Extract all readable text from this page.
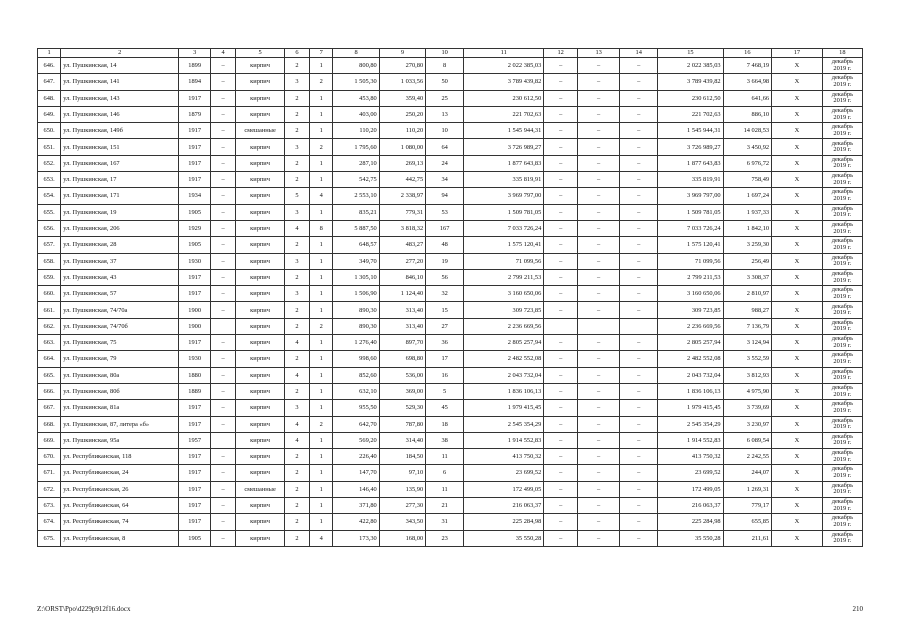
1	2	3	4	5	6	7	8	9	10	11	12	13	14	15	16	17	18
646.	ул. Пушкинская, 14	1899	–	кирпич	2	1	800,80	270,80	8	2 022 385,03	–	–	–	2 022 385,03	7 468,19	Х	декабрь 2019 г.
647.	ул. Пушкинская, 141	1894	–	кирпич	3	2	1 505,30	1 033,56	50	3 789 439,82	–	–	–	3 789 439,82	3 664,98	Х	декабрь 2019 г.
648.	ул. Пушкинская, 143	1917	–	кирпич	2	1	453,80	359,40	25	230 612,50	–	–	–	230 612,50	641,66	Х	декабрь 2019 г.
649.	ул. Пушкинская, 146	1879	–	кирпич	2	1	403,00	250,20	13	221 702,63	–	–	–	221 702,63	886,10	Х	декабрь 2019 г.
650.	ул. Пушкинская, 149б	1917	–	смешанные	2	1	110,20	110,20	10	1 545 944,31	–	–	–	1 545 944,31	14 028,53	Х	декабрь 2019 г.
651.	ул. Пушкинская, 151	1917	–	кирпич	3	2	1 795,60	1 080,00	64	3 726 989,27	–	–	–	3 726 989,27	3 450,92	Х	декабрь 2019 г.
652.	ул. Пушкинская, 167	1917	–	кирпич	2	1	287,10	269,13	24	1 877 643,83	–	–	–	1 877 643,83	6 976,72	Х	декабрь 2019 г.
653.	ул. Пушкинская, 17	1917	–	кирпич	2	1	542,75	442,75	34	335 819,91	–	–	–	335 819,91	758,49	Х	декабрь 2019 г.
654.	ул. Пушкинская, 171	1934	–	кирпич	5	4	2 553,10	2 338,97	94	3 969 797,00	–	–	–	3 969 797,00	1 697,24	Х	декабрь 2019 г.
655.	ул. Пушкинская, 19	1905	–	кирпич	3	1	835,21	779,31	53	1 509 781,05	–	–	–	1 509 781,05	1 937,33	Х	декабрь 2019 г.
656.	ул. Пушкинская, 206	1929	–	кирпич	4	8	5 887,50	3 818,32	167	7 033 726,24	–	–	–	7 033 726,24	1 842,10	Х	декабрь 2019 г.
657.	ул. Пушкинская, 28	1905	–	кирпич	2	1	648,57	483,27	48	1 575 120,41	–	–	–	1 575 120,41	3 259,30	Х	декабрь 2019 г.
658.	ул. Пушкинская, 37	1930	–	кирпич	3	1	349,70	277,20	19	71 099,56	–	–	–	71 099,56	256,49	Х	декабрь 2019 г.
659.	ул. Пушкинская, 43	1917	–	кирпич	2	1	1 305,10	846,10	56	2 799 211,53	–	–	–	2 799 211,53	3 308,37	Х	декабрь 2019 г.
660.	ул. Пушкинская, 57	1917	–	кирпич	3	1	1 506,90	1 124,40	32	3 160 650,06	–	–	–	3 160 650,06	2 810,97	Х	декабрь 2019 г.
661.	ул. Пушкинская, 74/70а	1900	–	кирпич	2	1	890,30	313,40	15	309 723,85	–	–	–	309 723,85	988,27	Х	декабрь 2019 г.
662.	ул. Пушкинская, 74/70б	1900		кирпич	2	2	890,30	313,40	27	2 236 669,56				2 236 669,56	7 136,79	Х	декабрь 2019 г.
663.	ул. Пушкинская, 75	1917	–	кирпич	4	1	1 276,40	897,70	36	2 805 257,94	–	–	–	2 805 257,94	3 124,94	Х	декабрь 2019 г.
664.	ул. Пушкинская, 79	1930	–	кирпич	2	1	998,60	698,80	17	2 482 552,08	–	–	–	2 482 552,08	3 552,59	Х	декабрь 2019 г.
665.	ул. Пушкинская, 80а	1880	–	кирпич	4	1	852,60	536,00	16	2 043 732,04	–	–	–	2 043 732,04	3 812,93	Х	декабрь 2019 г.
666.	ул. Пушкинская, 80б	1889	–	кирпич	2	1	632,10	369,00	5	1 836 106,13	–	–	–	1 836 106,13	4 975,90	Х	декабрь 2019 г.
667.	ул. Пушкинская, 81а	1917	–	кирпич	3	1	955,50	529,30	45	1 979 415,45	–	–	–	1 979 415,45	3 739,69	Х	декабрь 2019 г.
668.	ул. Пушкинская, 87, литера «б»	1917	–	кирпич	4	2	642,70	787,80	18	2 545 354,29	–	–	–	2 545 354,29	3 230,97	Х	декабрь 2019 г.
669.	ул. Пушкинская, 95а	1957		кирпич	4	1	569,20	314,40	38	1 914 552,83	–	–	–	1 914 552,83	6 089,54	Х	декабрь 2019 г.
670.	ул. Республиканская, 118	1917	–	кирпич	2	1	226,40	184,50	11	413 750,32	–	–	–	413 750,32	2 242,55	Х	декабрь 2019 г.
671.	ул. Республиканская, 24	1917	–	кирпич	2	1	147,70	97,10	6	23 699,52	–	–	–	23 699,52	244,07	Х	декабрь 2019 г.
672.	ул. Республиканская, 26	1917	–	смешанные	2	1	146,40	135,90	11	172 499,05	–	–	–	172 499,05	1 269,31	Х	декабрь 2019 г.
673.	ул. Республиканская, 64	1917	–	кирпич	2	1	371,80	277,30	21	216 063,37	–	–	–	216 063,37	779,17	Х	декабрь 2019 г.
674.	ул. Республиканская, 74	1917	–	кирпич	2	1	422,80	343,50	31	225 284,98	–	–	–	225 284,98	655,85	Х	декабрь 2019 г.
675.	ул. Республиканская, 8	1905	–	кирпич	2	4	173,30	168,00	23	35 550,28	–	–	–	35 550,28	211,61	Х	декабрь 2019 г.
Z:\ORST\Ppo\d229p912f16.docx	210
